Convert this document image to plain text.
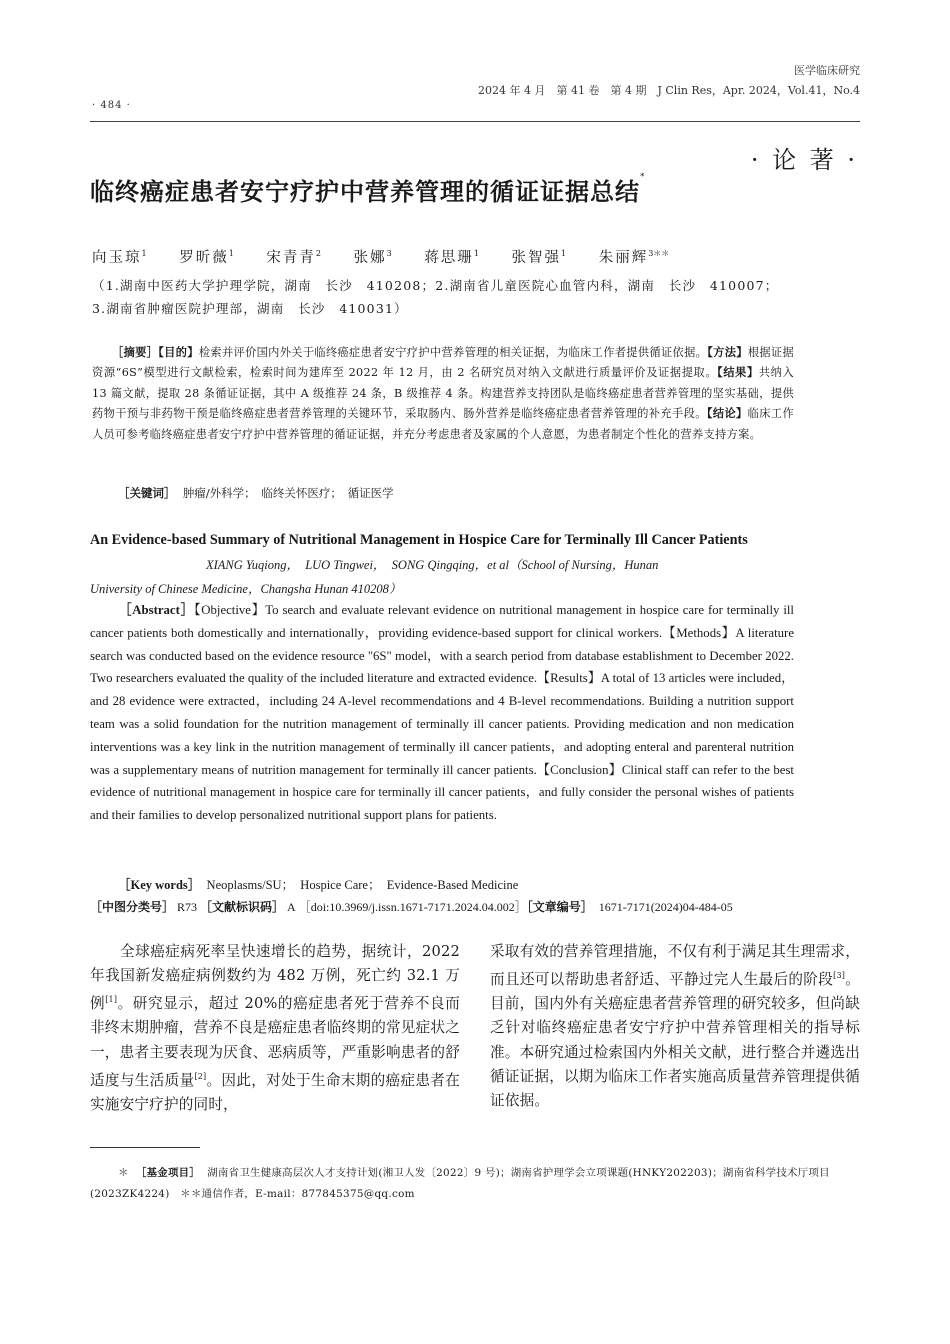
医学临床研究
2024 年 4 月　第 41 卷　第 4 期　J Clin Res，Apr. 2024，Vol.41，No.4
· 484 ·
· 论 著 ·
临终癌症患者安宁疗护中营养管理的循证证据总结*
向玉琼$^1$ 罗昕薇$^1$ 宋青青$^2$ 张娜$^3$ 蒋思珊$^1$ 张智强$^1$ 朱丽辉$^{3**}$
（1.湖南中医药大学护理学院，湖南　长沙　410208；2.湖南省儿童医院心血管内科，湖南　长沙　410007；
3.湖南省肿瘤医院护理部，湖南　长沙　410031）
［摘要］【目的】检索并评价国内外关于临终癌症患者安宁疗护中营养管理的相关证据，为临床工作者提供循证依据。【方法】根据证据资源“6S”模型进行文献检索，检索时间为建库至 2022 年 12 月，由 2 名研究员对纳入文献进行质量评价及证据提取。【结果】共纳入 13 篇文献，提取 28 条循证证据，其中 A 级推荐 24 条，B 级推荐 4 条。构建营养支持团队是临终癌症患者营养管理的坚实基础，提供药物干预与非药物干预是临终癌症患者营养管理的关键环节，采取肠内、肠外营养是临终癌症患者营养管理的补充手段。【结论】临床工作人员可参考临终癌症患者安宁疗护中营养管理的循证证据，并充分考虑患者及家属的个人意愿，为患者制定个性化的营养支持方案。
［关键词］ 肿瘤/外科学；　临终关怀医疗；　循证医学
An Evidence-based Summary of Nutritional Management in Hospice Care for Terminally Ill Cancer Patients
XIANG Yuqiong，　LUO Tingwei，　SONG Qingqing，et al（School of Nursing，Hunan
University of Chinese Medicine，Changsha Hunan 410208）
［Abstract］【Objective】To search and evaluate relevant evidence on nutritional management in hospice care for terminally ill cancer patients both domestically and internationally，providing evidence-based support for clinical workers.【Methods】A literature search was conducted based on the evidence resource "6S" model，with a search period from database establishment to December 2022. Two researchers evaluated the quality of the included literature and extracted evidence.【Results】A total of 13 articles were included，and 28 evidence were extracted，including 24 A-level recommendations and 4 B-level recommendations. Building a nutrition support team was a solid foundation for the nutrition management of terminally ill cancer patients. Providing medication and non medication interventions was a key link in the nutrition management of terminally ill cancer patients，and adopting enteral and parenteral nutrition was a supplementary means of nutrition management for terminally ill cancer patients.【Conclusion】Clinical staff can refer to the best evidence of nutritional management in hospice care for terminally ill cancer patients，and fully consider the personal wishes of patients and their families to develop personalized nutritional support plans for patients.
［Key words］ Neoplasms/SU；　Hospice Care；　Evidence-Based Medicine
［中图分类号］ R73 ［文献标识码］ A ［doi:10.3969/j.issn.1671-7171.2024.04.002］［文章编号］ 1671-7171(2024)04-484-05
全球癌症病死率呈快速增长的趋势，据统计，2022 年我国新发癌症病例数约为 482 万例，死亡约 32.1 万例[1]。研究显示，超过 20%的癌症患者死于营养不良而非终末期肿瘤，营养不良是癌症患者临终期的常见症状之一，患者主要表现为厌食、恶病质等，严重影响患者的舒适度与生活质量[2]。因此，对处于生命末期的癌症患者在实施安宁疗护的同时，
采取有效的营养管理措施，不仅有利于满足其生理需求，而且还可以帮助患者舒适、平静过完人生最后的阶段[3]。目前，国内外有关癌症患者营养管理的研究较多，但尚缺乏针对临终癌症患者安宁疗护中营养管理相关的指导标准。本研究通过检索国内外相关文献，进行整合并遴选出循证证据，以期为临床工作者实施高质量营养管理提供循证依据。
＊ ［基金项目］ 湖南省卫生健康高层次人才支持计划(湘卫人发〔2022〕9 号)；湖南省护理学会立项课题(HNKY202203)；湖南省科学技术厅项目(2023ZK4224)　＊＊通信作者，E-mail：877845375@qq.com
